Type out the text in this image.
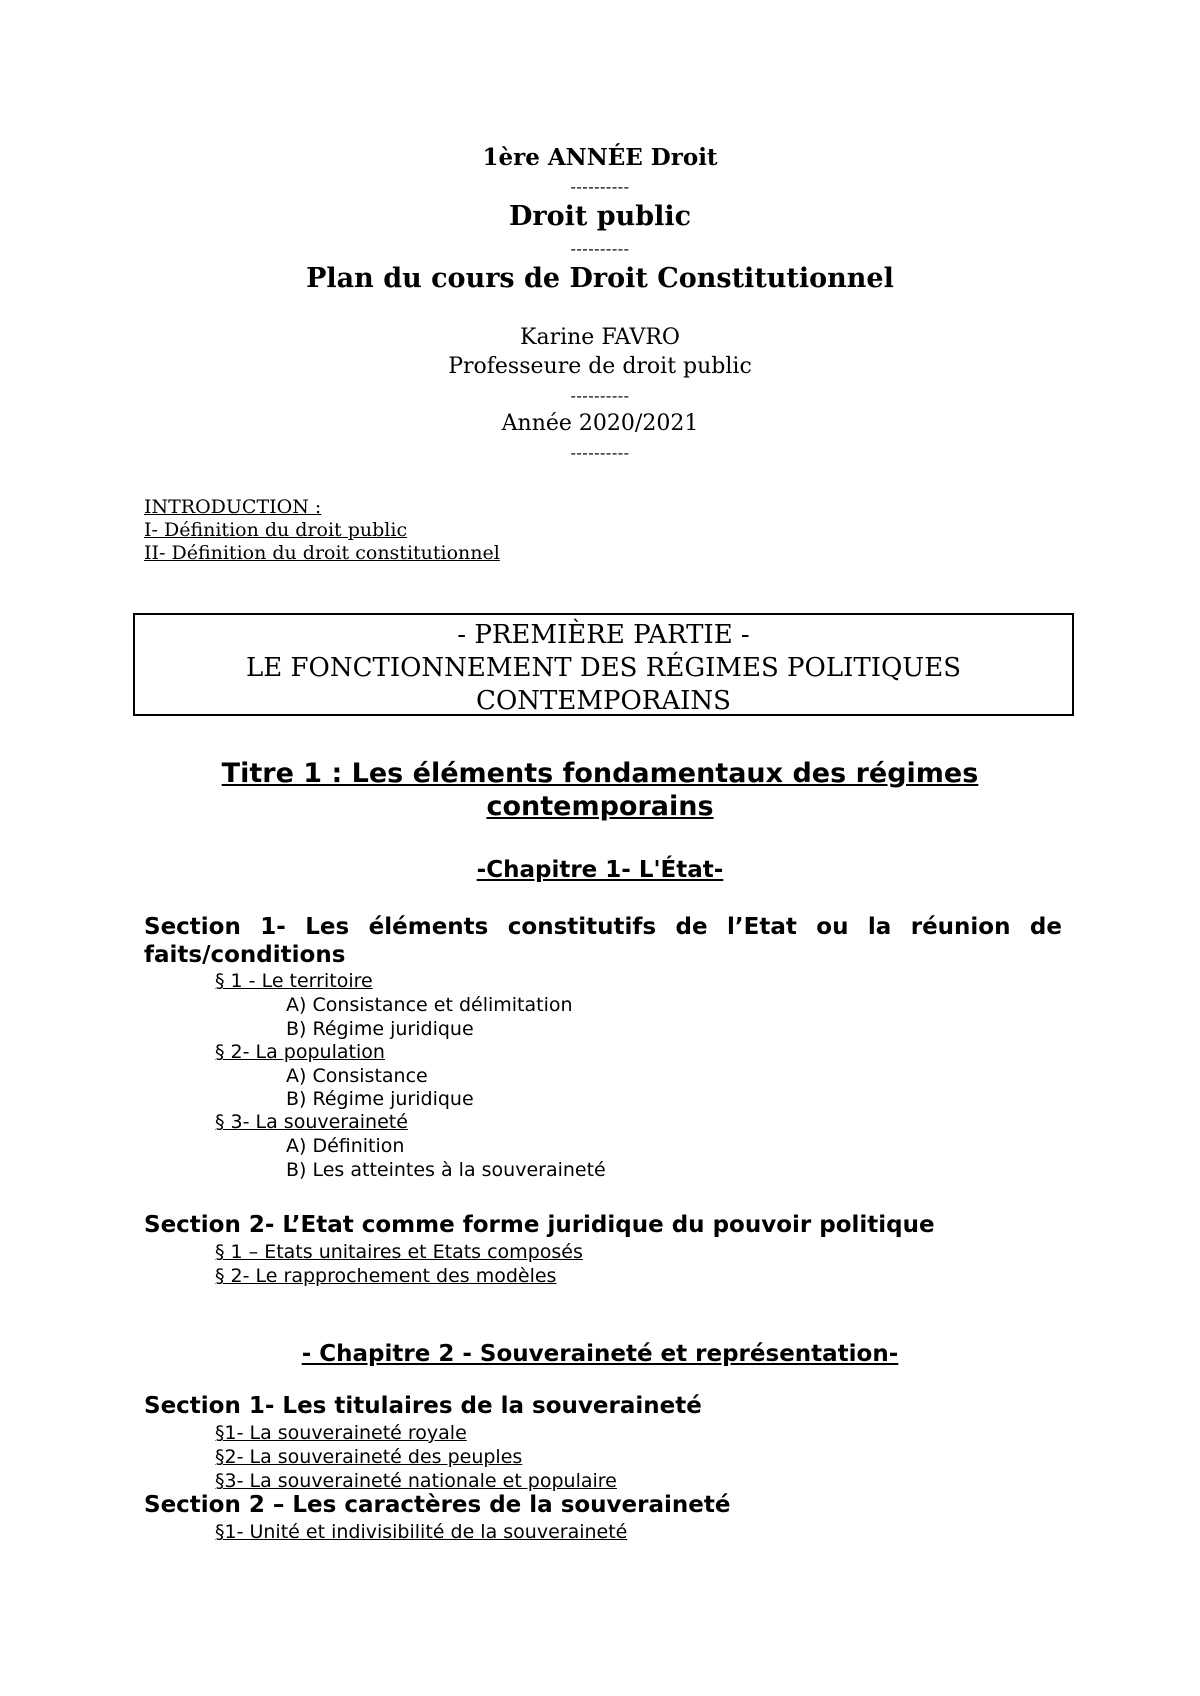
1ère ANNÉE Droit
----------
Droit public
----------
Plan du cours de Droit Constitutionnel
Karine FAVRO
Professeure de droit public
----------
Année 2020/2021
----------
INTRODUCTION :
I- Définition du droit public
II- Définition du droit constitutionnel
- PREMIÈRE PARTIE -
LE FONCTIONNEMENT DES RÉGIMES POLITIQUES
CONTEMPORAINS
Titre 1 : Les éléments fondamentaux des régimes
contemporains
-Chapitre 1- L'État-
Section 1- Les éléments constitutifs de l’Etat ou la réunion de
faits/conditions
§ 1 - Le territoire
A) Consistance et délimitation
B) Régime juridique
§ 2- La population
A) Consistance
B) Régime juridique
§ 3- La souveraineté
A) Définition
B) Les atteintes à la souveraineté
Section 2- L’Etat comme forme juridique du pouvoir politique
§ 1 – Etats unitaires et Etats composés
§ 2- Le rapprochement des modèles
- Chapitre 2 - Souveraineté et représentation-
Section 1- Les titulaires de la souveraineté
§1- La souveraineté royale
§2- La souveraineté des peuples
§3- La souveraineté nationale et populaire
Section 2 – Les caractères de la souveraineté
§1- Unité et indivisibilité de la souveraineté
